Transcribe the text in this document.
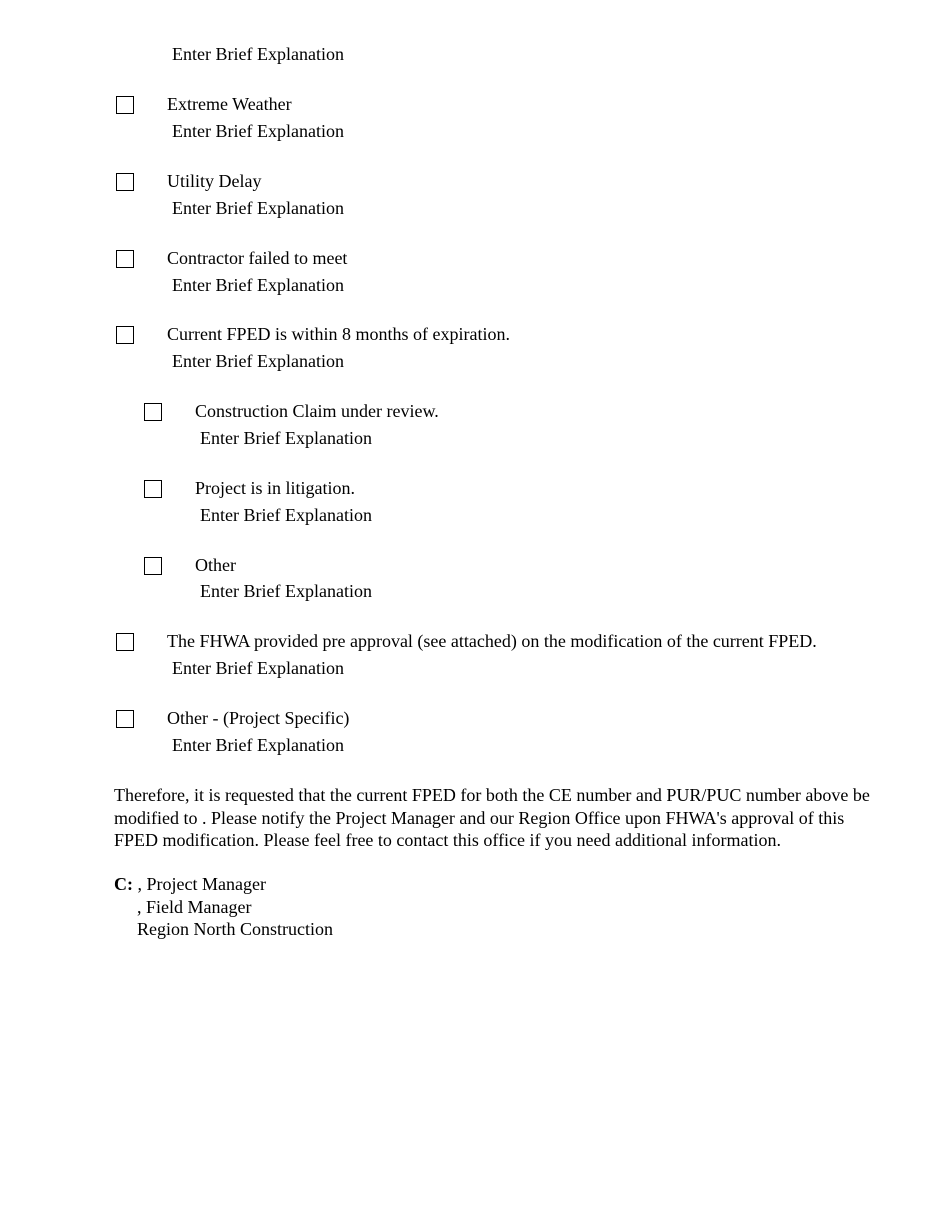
Enter Brief Explanation
Extreme Weather
Enter Brief Explanation
Utility Delay
Enter Brief Explanation
Contractor failed to meet
Enter Brief Explanation
Current FPED is within 8 months of expiration.
Enter Brief Explanation
Construction Claim under review.
Enter Brief Explanation
Project is in litigation.
Enter Brief Explanation
Other
Enter Brief Explanation
The FHWA provided pre approval (see attached) on the modification of the current FPED.
Enter Brief Explanation
Other - (Project Specific)
Enter Brief Explanation
Therefore, it is requested that the current FPED for both the CE number and PUR/PUC number above be modified to . Please notify the Project Manager and our Region Office upon FHWA's approval of this FPED modification. Please feel free to contact this office if you need additional information.
C: , Project Manager
, Field Manager
Region North Construction
